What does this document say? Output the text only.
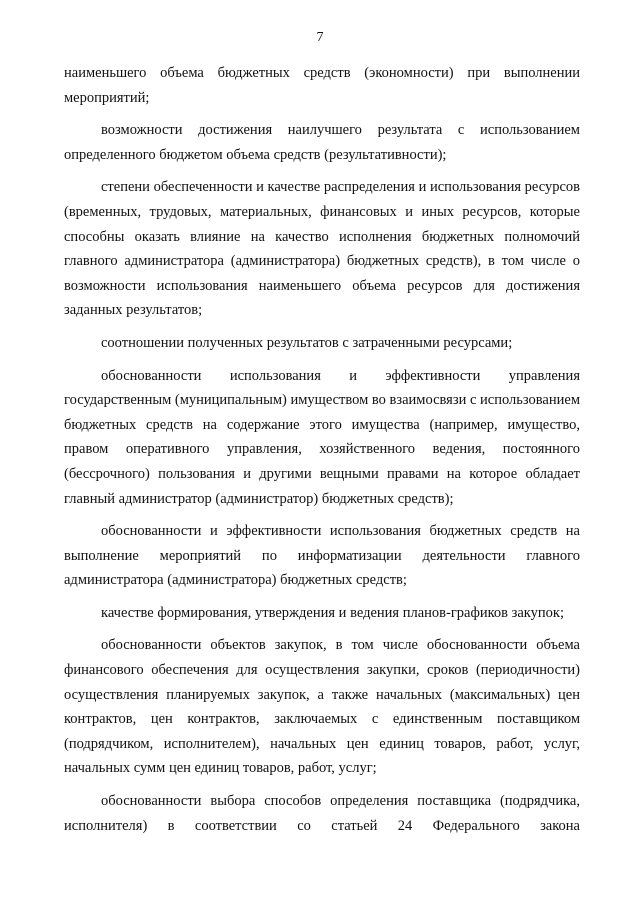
7

наименьшего объема бюджетных средств (экономности) при выполнении мероприятий;

возможности достижения наилучшего результата с использованием определенного бюджетом объема средств (результативности);

степени обеспеченности и качестве распределения и использования ресурсов (временных, трудовых, материальных, финансовых и иных ресурсов, которые способны оказать влияние на качество исполнения бюджетных полномочий главного администратора (администратора) бюджетных средств), в том числе о возможности использования наименьшего объема ресурсов для достижения заданных результатов;

соотношении полученных результатов с затраченными ресурсами;

обоснованности использования и эффективности управления государственным (муниципальным) имуществом во взаимосвязи с использованием бюджетных средств на содержание этого имущества (например, имущество, правом оперативного управления, хозяйственного ведения, постоянного (бессрочного) пользования и другими вещными правами на которое обладает главный администратор (администратор) бюджетных средств);

обоснованности и эффективности использования бюджетных средств на выполнение мероприятий по информатизации деятельности главного администратора (администратора) бюджетных средств;

качестве формирования, утверждения и ведения планов-графиков закупок;

обоснованности объектов закупок, в том числе обоснованности объема финансового обеспечения для осуществления закупки, сроков (периодичности) осуществления планируемых закупок, а также начальных (максимальных) цен контрактов, цен контрактов, заключаемых с единственным поставщиком (подрядчиком, исполнителем), начальных цен единиц товаров, работ, услуг, начальных сумм цен единиц товаров, работ, услуг;

обоснованности выбора способов определения поставщика (подрядчика, исполнителя) в соответствии со статьей 24 Федерального закона
